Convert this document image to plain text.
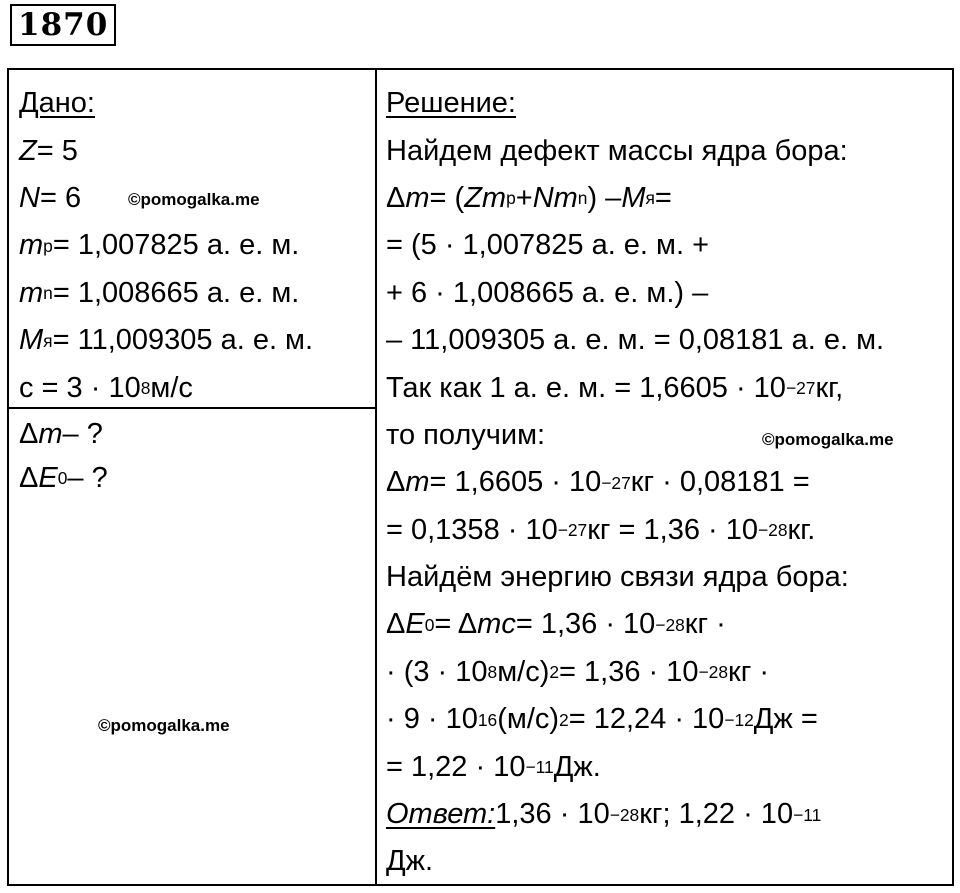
1870
Дано:
Z = 5
N = 6
m p = 1,007825 а. е. м.
m n = 1,008665 а. е. м.
M я = 11,009305 а. е. м.
c = 3 · 10 8 м/с
Δ m – ?
Δ E 0 – ?
Решение:
Найдем дефект массы ядра бора:
Δ m = ( Zm p + Nm n ) – M я =
= (5 · 1,007825 а. е. м. +
+ 6 · 1,008665 а. е. м.) –
– 11,009305 а. е. м. = 0,08181 а. е. м.
Так как 1 а. е. м. = 1,6605 · 10 −27 кг,
то получим:
Δ m = 1,6605 · 10 −27 кг · 0,08181 =
= 0,1358 · 10 −27 кг = 1,36 · 10 −28 кг.
Найдём энергию связи ядра бора:
Δ E 0 = Δ mc = 1,36 · 10 −28 кг ·
· (3 · 10 8 м/с) 2 = 1,36 · 10 −28 кг ·
· 9 · 10 16 (м/с) 2 = 12,24 · 10 −12 Дж =
= 1,22 · 10 −11 Дж.
Ответ: 1,36 · 10 −28 кг; 1,22 · 10 −11
Дж.
©pomogalka.me
©pomogalka.me
©pomogalka.me
